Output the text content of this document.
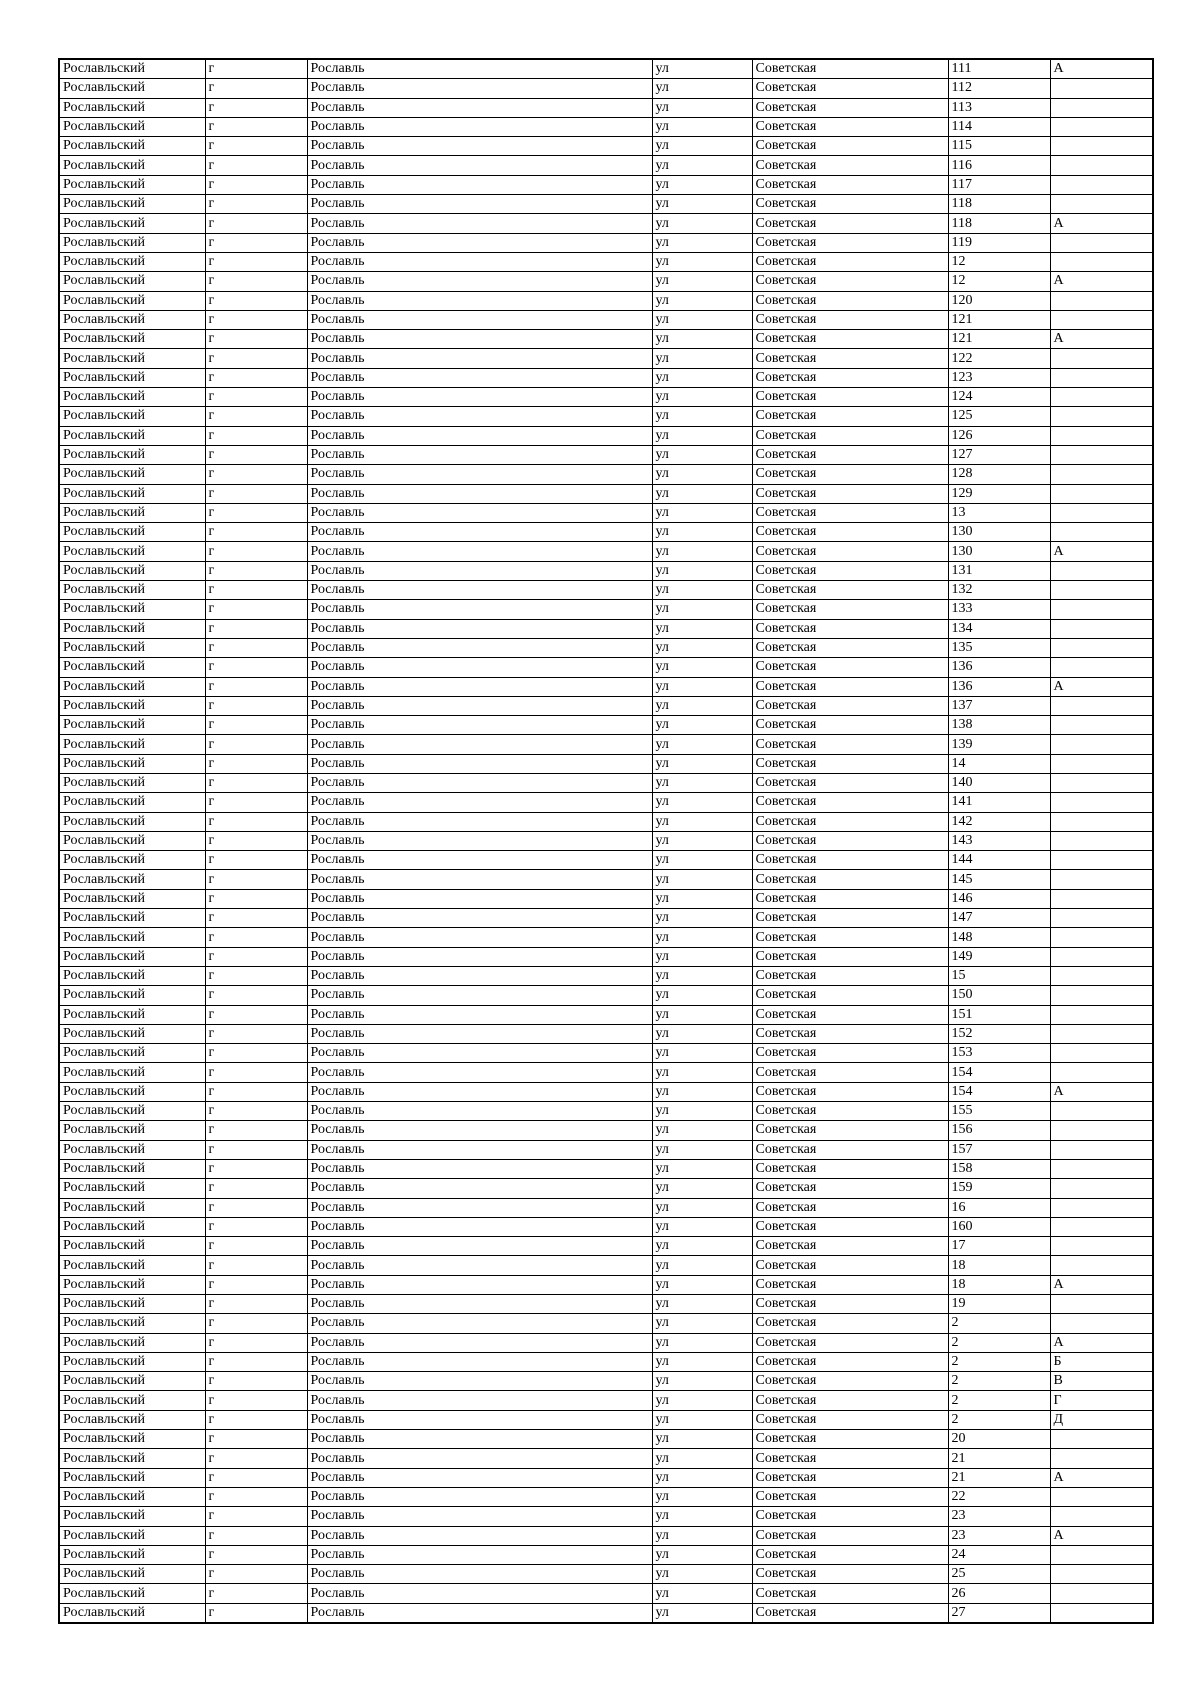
Рославльский	г	Рославль	ул	Советская	111	А
Рославльский	г	Рославль	ул	Советская	112	
Рославльский	г	Рославль	ул	Советская	113	
Рославльский	г	Рославль	ул	Советская	114	
Рославльский	г	Рославль	ул	Советская	115	
Рославльский	г	Рославль	ул	Советская	116	
Рославльский	г	Рославль	ул	Советская	117	
Рославльский	г	Рославль	ул	Советская	118	
Рославльский	г	Рославль	ул	Советская	118	А
Рославльский	г	Рославль	ул	Советская	119	
Рославльский	г	Рославль	ул	Советская	12	
Рославльский	г	Рославль	ул	Советская	12	А
Рославльский	г	Рославль	ул	Советская	120	
Рославльский	г	Рославль	ул	Советская	121	
Рославльский	г	Рославль	ул	Советская	121	А
Рославльский	г	Рославль	ул	Советская	122	
Рославльский	г	Рославль	ул	Советская	123	
Рославльский	г	Рославль	ул	Советская	124	
Рославльский	г	Рославль	ул	Советская	125	
Рославльский	г	Рославль	ул	Советская	126	
Рославльский	г	Рославль	ул	Советская	127	
Рославльский	г	Рославль	ул	Советская	128	
Рославльский	г	Рославль	ул	Советская	129	
Рославльский	г	Рославль	ул	Советская	13	
Рославльский	г	Рославль	ул	Советская	130	
Рославльский	г	Рославль	ул	Советская	130	А
Рославльский	г	Рославль	ул	Советская	131	
Рославльский	г	Рославль	ул	Советская	132	
Рославльский	г	Рославль	ул	Советская	133	
Рославльский	г	Рославль	ул	Советская	134	
Рославльский	г	Рославль	ул	Советская	135	
Рославльский	г	Рославль	ул	Советская	136	
Рославльский	г	Рославль	ул	Советская	136	А
Рославльский	г	Рославль	ул	Советская	137	
Рославльский	г	Рославль	ул	Советская	138	
Рославльский	г	Рославль	ул	Советская	139	
Рославльский	г	Рославль	ул	Советская	14	
Рославльский	г	Рославль	ул	Советская	140	
Рославльский	г	Рославль	ул	Советская	141	
Рославльский	г	Рославль	ул	Советская	142	
Рославльский	г	Рославль	ул	Советская	143	
Рославльский	г	Рославль	ул	Советская	144	
Рославльский	г	Рославль	ул	Советская	145	
Рославльский	г	Рославль	ул	Советская	146	
Рославльский	г	Рославль	ул	Советская	147	
Рославльский	г	Рославль	ул	Советская	148	
Рославльский	г	Рославль	ул	Советская	149	
Рославльский	г	Рославль	ул	Советская	15	
Рославльский	г	Рославль	ул	Советская	150	
Рославльский	г	Рославль	ул	Советская	151	
Рославльский	г	Рославль	ул	Советская	152	
Рославльский	г	Рославль	ул	Советская	153	
Рославльский	г	Рославль	ул	Советская	154	
Рославльский	г	Рославль	ул	Советская	154	А
Рославльский	г	Рославль	ул	Советская	155	
Рославльский	г	Рославль	ул	Советская	156	
Рославльский	г	Рославль	ул	Советская	157	
Рославльский	г	Рославль	ул	Советская	158	
Рославльский	г	Рославль	ул	Советская	159	
Рославльский	г	Рославль	ул	Советская	16	
Рославльский	г	Рославль	ул	Советская	160	
Рославльский	г	Рославль	ул	Советская	17	
Рославльский	г	Рославль	ул	Советская	18	
Рославльский	г	Рославль	ул	Советская	18	А
Рославльский	г	Рославль	ул	Советская	19	
Рославльский	г	Рославль	ул	Советская	2	
Рославльский	г	Рославль	ул	Советская	2	А
Рославльский	г	Рославль	ул	Советская	2	Б
Рославльский	г	Рославль	ул	Советская	2	В
Рославльский	г	Рославль	ул	Советская	2	Г
Рославльский	г	Рославль	ул	Советская	2	Д
Рославльский	г	Рославль	ул	Советская	20	
Рославльский	г	Рославль	ул	Советская	21	
Рославльский	г	Рославль	ул	Советская	21	А
Рославльский	г	Рославль	ул	Советская	22	
Рославльский	г	Рославль	ул	Советская	23	
Рославльский	г	Рославль	ул	Советская	23	А
Рославльский	г	Рославль	ул	Советская	24	
Рославльский	г	Рославль	ул	Советская	25	
Рославльский	г	Рославль	ул	Советская	26	
Рославльский	г	Рославль	ул	Советская	27	
